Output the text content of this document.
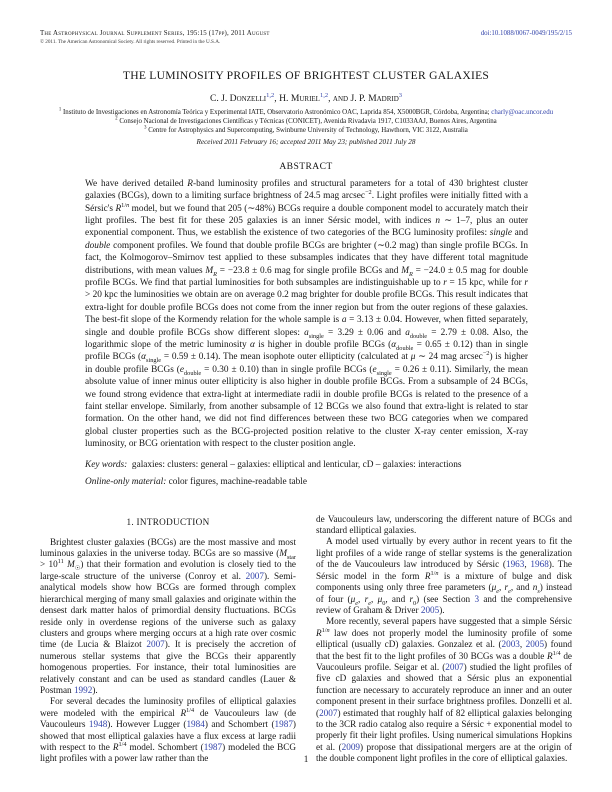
The Astrophysical Journal Supplement Series, 195:15 (17pp), 2011 August
© 2011. The American Astronomical Society. All rights reserved. Printed in the U.S.A.
doi:10.1088/0067-0049/195/2/15
THE LUMINOSITY PROFILES OF BRIGHTEST CLUSTER GALAXIES
C. J. Donzelli$^{1,2}$, H. Muriel$^{1,2}$, and J. P. Madrid$^3$
$^1$ Instituto de Investigaciones en Astronomía Teórica y Experimental IATE, Observatorio Astronómico OAC, Laprida 854, X5000BGR, Córdoba, Argentina; charly@oac.uncor.edu
$^2$ Consejo Nacional de Investigaciones Científicas y Técnicas (CONICET), Avenida Rivadavia 1917, C1033AAJ, Buenos Aires, Argentina
$^3$ Centre for Astrophysics and Supercomputing, Swinburne University of Technology, Hawthorn, VIC 3122, Australia
Received 2011 February 16; accepted 2011 May 23; published 2011 July 28
ABSTRACT

We have derived detailed R-band luminosity profiles and structural parameters for a total of 430 brightest cluster galaxies (BCGs), down to a limiting surface brightness of 24.5 mag arcsec$^{-2}$. Light profiles were initially fitted with a Sérsic's $R^{1/n}$ model, but we found that 205 (∼48%) BCGs require a double component model to accurately match their light profiles. The best fit for these 205 galaxies is an inner Sérsic model, with indices n ∼ 1–7, plus an outer exponential component. Thus, we establish the existence of two categories of the BCG luminosity profiles: single and double component profiles. We found that double profile BCGs are brighter (∼0.2 mag) than single profile BCGs. In fact, the Kolmogorov–Smirnov test applied to these subsamples indicates that they have different total magnitude distributions, with mean values $M_R = -23.8 \pm 0.6$ mag for single profile BCGs and $M_R = -24.0 \pm 0.5$ mag for double profile BCGs. We find that partial luminosities for both subsamples are indistinguishable up to r = 15 kpc, while for r > 20 kpc the luminosities we obtain are on average 0.2 mag brighter for double profile BCGs. This result indicates that extra-light for double profile BCGs does not come from the inner region but from the outer regions of these galaxies. The best-fit slope of the Kormendy relation for the whole sample is a = 3.13 ± 0.04. However, when fitted separately, single and double profile BCGs show different slopes: $a_{single} = 3.29 \pm 0.06$ and $a_{double} = 2.79 \pm 0.08$. Also, the logarithmic slope of the metric luminosity α is higher in double profile BCGs $(\alpha_{double} = 0.65 \pm 0.12)$ than in single profile BCGs $(\alpha_{single} = 0.59 \pm 0.14)$. The mean isophote outer ellipticity (calculated at μ ∼ 24 mag arcsec$^{-2}$) is higher in double profile BCGs $(e_{double} = 0.30 \pm 0.10)$ than in single profile BCGs $(e_{single} = 0.26 \pm 0.11)$. Similarly, the mean absolute value of inner minus outer ellipticity is also higher in double profile BCGs. From a subsample of 24 BCGs, we found strong evidence that extra-light at intermediate radii in double profile BCGs is related to the presence of a faint stellar envelope. Similarly, from another subsample of 12 BCGs we also found that extra-light is related to star formation. On the other hand, we did not find differences between these two BCG categories when we compared global cluster properties such as the BCG-projected position relative to the cluster X-ray center emission, X-ray luminosity, or BCG orientation with respect to the cluster position angle.

Key words:  galaxies: clusters: general – galaxies: elliptical and lenticular, cD – galaxies: interactions

Online-only material: color figures, machine-readable table

1. INTRODUCTION

Brightest cluster galaxies (BCGs) are the most massive and most luminous galaxies in the universe today. BCGs are so massive ($M_{star} > 10^{11}$ $M_☉$) that their formation and evolution is closely tied to the large-scale structure of the universe (Conroy et al. 2007). Semi-analytical models show how BCGs are formed through complex hierarchical merging of many small galaxies and originate within the densest dark matter halos of primordial density fluctuations. BCGs reside only in overdense regions of the universe such as galaxy clusters and groups where merging occurs at a high rate over cosmic time (de Lucia & Blaizot 2007). It is precisely the accretion of numerous stellar systems that give the BCGs their apparently homogenous properties. For instance, their total luminosities are relatively constant and can be used as standard candles (Lauer & Postman 1992).

For several decades the luminosity profiles of elliptical galaxies were modeled with the empirical $R^{1/4}$ de Vaucouleurs law (de Vaucouleurs 1948). However Lugger (1984) and Schombert (1987) showed that most elliptical galaxies have a flux excess at large radii with respect to the $R^{1/4}$ model. Schombert (1987) modeled the BCG light profiles with a power law rather than the

de Vaucouleurs law, underscoring the different nature of BCGs and standard elliptical galaxies.

A model used virtually by every author in recent years to fit the light profiles of a wide range of stellar systems is the generalization of the de Vaucouleurs law introduced by Sérsic (1963, 1968). The Sérsic model in the form $R^{1/n}$ is a mixture of bulge and disk components using only three free parameters ($\mu_e$, $r_e$, and $n_s$) instead of four ($\mu_e$, $r_e$, $\mu_0$, and $r_0$) (see Section 3 and the comprehensive review of Graham & Driver 2005).

More recently, several papers have suggested that a simple Sérsic $R^{1/n}$ law does not properly model the luminosity profile of some elliptical (usually cD) galaxies. Gonzalez et al. (2003, 2005) found that the best fit to the light profiles of 30 BCGs was a double $R^{1/4}$ de Vaucouleurs profile. Seigar et al. (2007) studied the light profiles of five cD galaxies and showed that a Sérsic plus an exponential function are necessary to accurately reproduce an inner and an outer component present in their surface brightness profiles. Donzelli et al. (2007) estimated that roughly half of 82 elliptical galaxies belonging to the 3CR radio catalog also require a Sérsic + exponential model to properly fit their light profiles. Using numerical simulations Hopkins et al. (2009) propose that dissipational mergers are at the origin of the double component light profiles in the core of elliptical galaxies.

1
